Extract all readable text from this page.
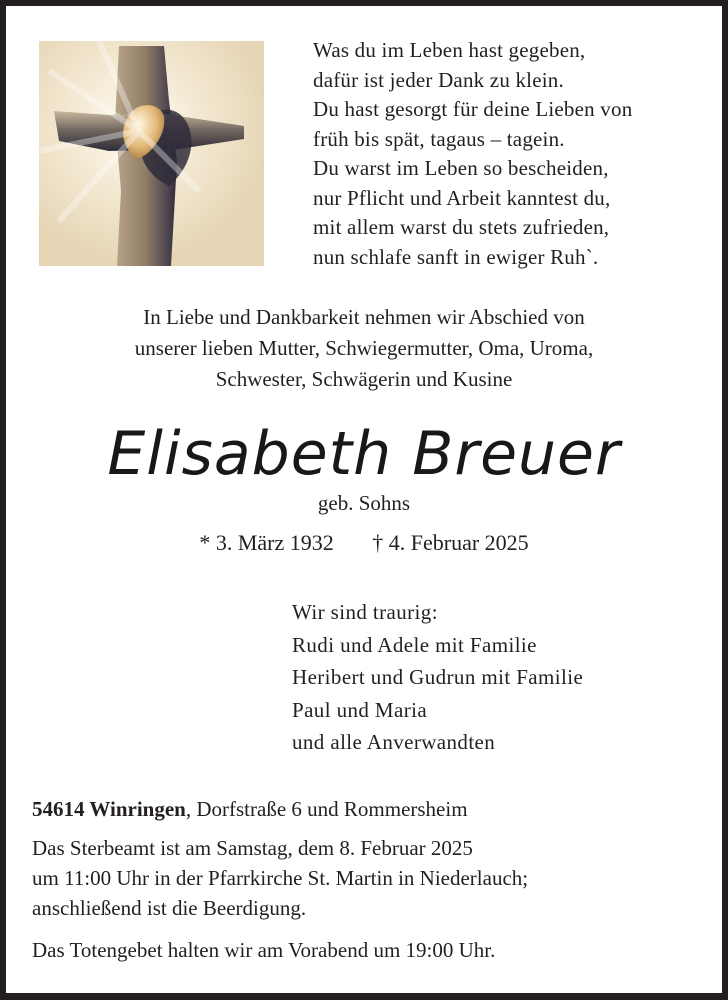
Was du im Leben hast gegeben,
dafür ist jeder Dank zu klein.
Du hast gesorgt für deine Lieben von
früh bis spät, tagaus – tagein.
Du warst im Leben so bescheiden,
nur Pflicht und Arbeit kanntest du,
mit allem warst du stets zufrieden,
nun schlafe sanft in ewiger Ruh`.
In Liebe und Dankbarkeit nehmen wir Abschied von
unserer lieben Mutter, Schwiegermutter, Oma, Uroma,
Schwester, Schwägerin und Kusine
Elisabeth Breuer
geb. Sohns
* 3. März 1932 † 4. Februar 2025
Wir sind traurig:
Rudi und Adele mit Familie
Heribert und Gudrun mit Familie
Paul und Maria
und alle Anverwandten
54614 Winringen, Dorfstraße 6 und Rommersheim
Das Sterbeamt ist am Samstag, dem 8. Februar 2025
um 11:00 Uhr in der Pfarrkirche St. Martin in Niederlauch;
anschließend ist die Beerdigung.
Das Totengebet halten wir am Vorabend um 19:00 Uhr.
